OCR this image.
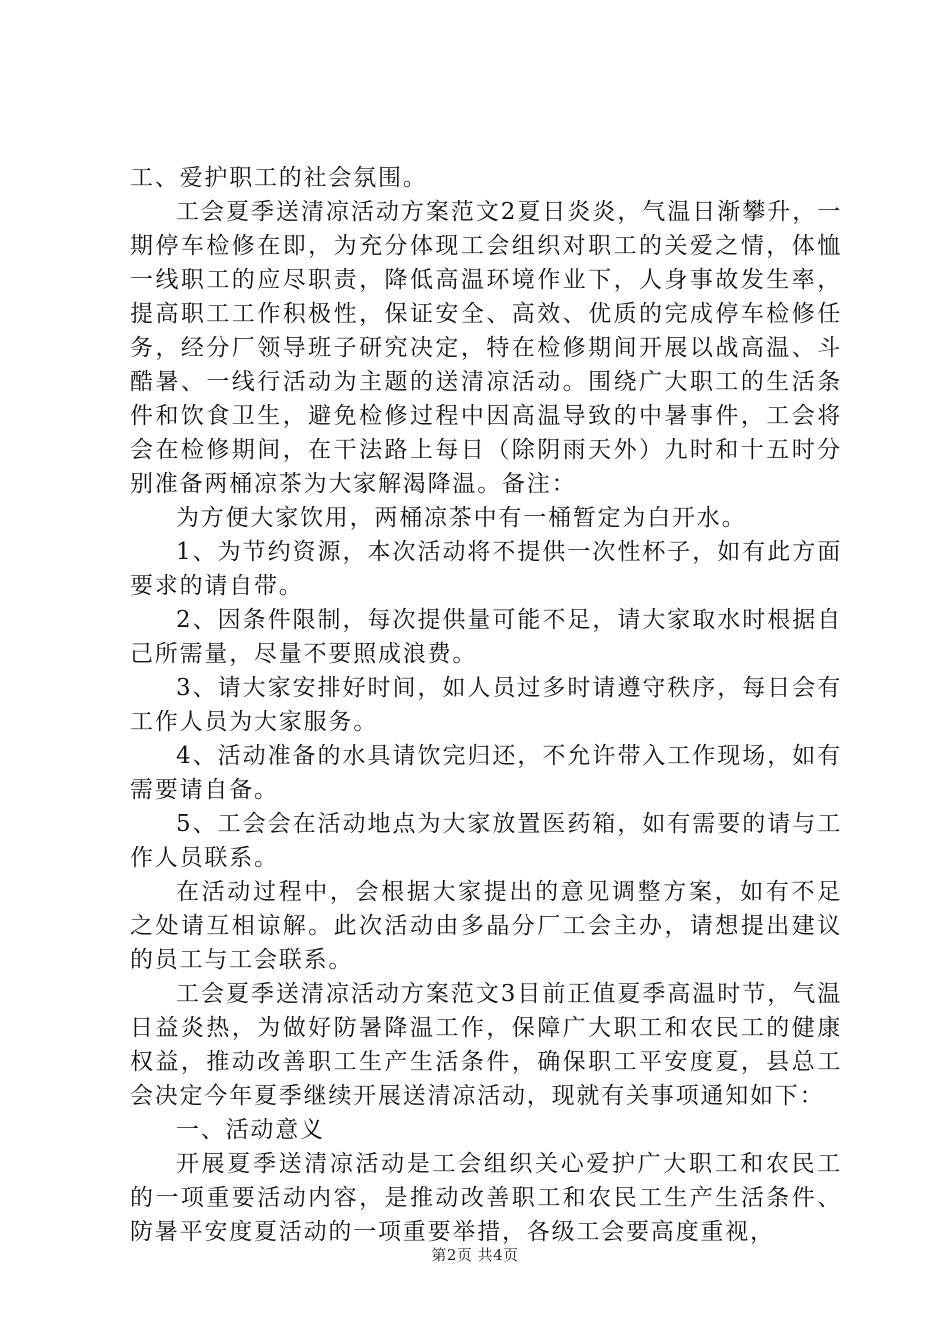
工、爱护职工的社会氛围。

工会夏季送清凉活动方案范文2夏日炎炎，气温日渐攀升，一期停车检修在即，为充分体现工会组织对职工的关爱之情，体恤一线职工的应尽职责，降低高温环境作业下，人身事故发生率，提高职工工作积极性，保证安全、高效、优质的完成停车检修任务，经分厂领导班子研究决定，特在检修期间开展以战高温、斗酷暑、一线行活动为主题的送清凉活动。围绕广大职工的生活条件和饮食卫生，避免检修过程中因高温导致的中暑事件，工会将会在检修期间，在干法路上每日（除阴雨天外）九时和十五时分别准备两桶凉茶为大家解渴降温。备注：

为方便大家饮用，两桶凉茶中有一桶暂定为白开水。

1、为节约资源，本次活动将不提供一次性杯子，如有此方面要求的请自带。

2、因条件限制，每次提供量可能不足，请大家取水时根据自己所需量，尽量不要照成浪费。

3、请大家安排好时间，如人员过多时请遵守秩序，每日会有工作人员为大家服务。

4、活动准备的水具请饮完归还，不允许带入工作现场，如有需要请自备。

5、工会会在活动地点为大家放置医药箱，如有需要的请与工作人员联系。

在活动过程中，会根据大家提出的意见调整方案，如有不足之处请互相谅解。此次活动由多晶分厂工会主办，请想提出建议的员工与工会联系。

工会夏季送清凉活动方案范文3目前正值夏季高温时节，气温日益炎热，为做好防暑降温工作，保障广大职工和农民工的健康权益，推动改善职工生产生活条件，确保职工平安度夏，县总工会决定今年夏季继续开展送清凉活动，现就有关事项通知如下：

一、活动意义

开展夏季送清凉活动是工会组织关心爱护广大职工和农民工的一项重要活动内容，是推动改善职工和农民工生产生活条件、防暑平安度夏活动的一项重要举措，各级工会要高度重视，

第2页 共4页
